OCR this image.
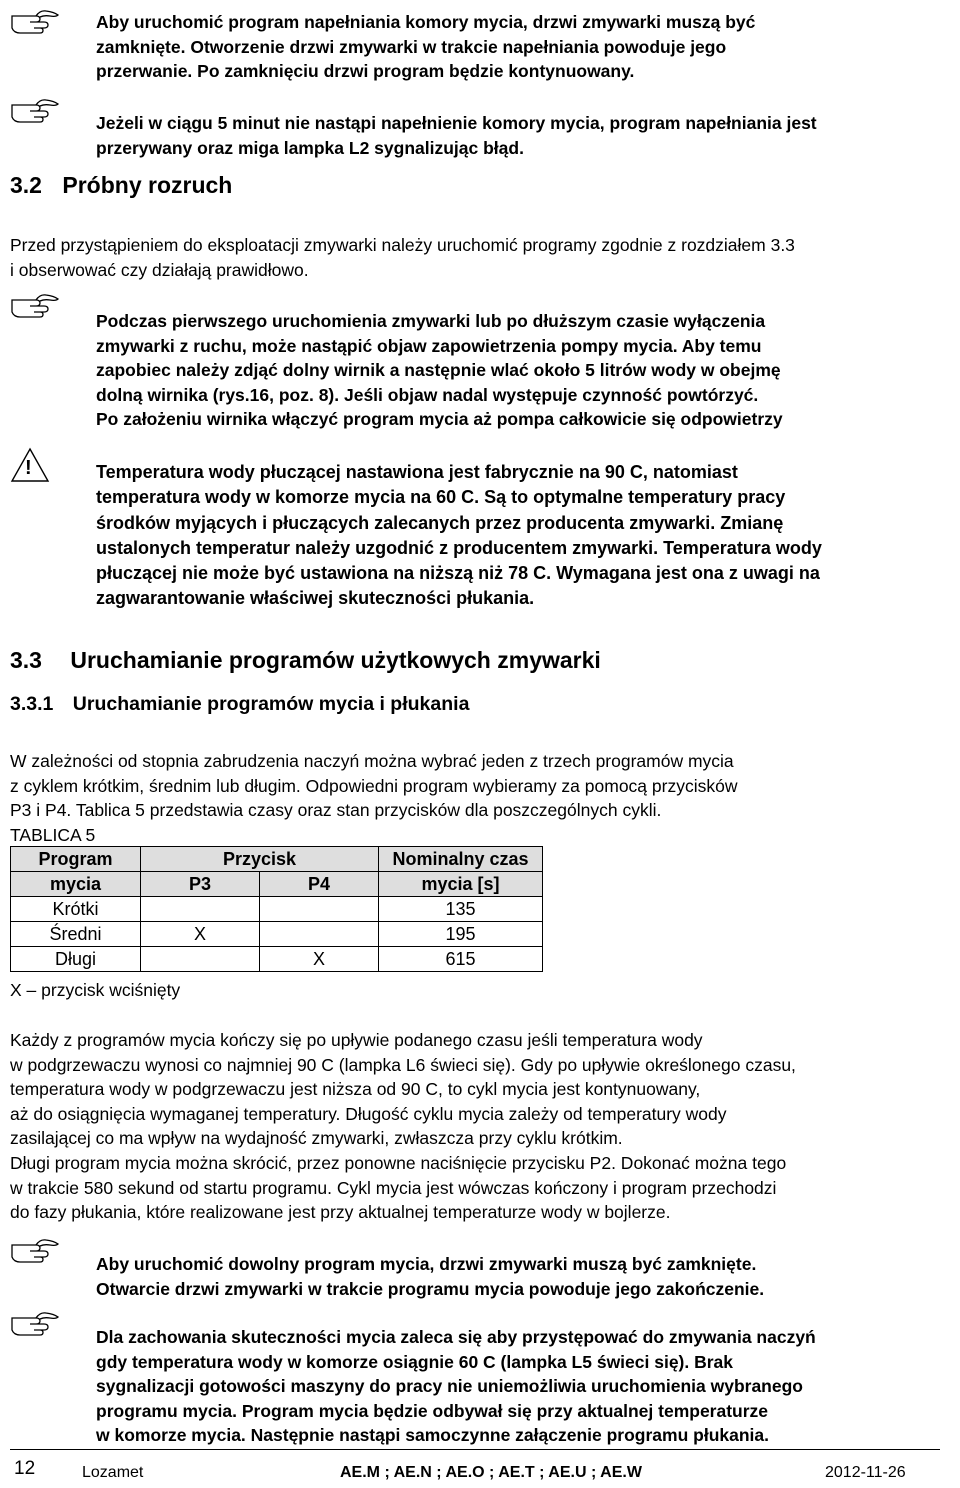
!
Aby uruchomić program napełniania komory mycia, drzwi zmywarki muszą być
zamknięte. Otworzenie drzwi zmywarki w trakcie napełniania powoduje jego
przerwanie. Po zamknięciu drzwi program będzie kontynuowany.
Jeżeli w ciągu 5 minut nie nastąpi napełnienie komory mycia, program napełniania jest
przerywany oraz miga lampka L2 sygnalizując błąd.
3.2 Próbny rozruch
Przed przystąpieniem do eksploatacji zmywarki należy uruchomić programy zgodnie z rozdziałem 3.3
i obserwować czy działają prawidłowo.
Podczas pierwszego uruchomienia zmywarki lub po dłuższym czasie wyłączenia
zmywarki z ruchu, może nastąpić objaw zapowietrzenia pompy mycia. Aby temu
zapobiec należy zdjąć dolny wirnik a następnie wlać około 5 litrów wody w obejmę
dolną wirnika (rys.16, poz. 8). Jeśli objaw nadal występuje czynność powtórzyć.
Po założeniu wirnika włączyć program mycia aż pompa całkowicie się odpowietrzy
Temperatura wody płuczącej nastawiona jest fabrycznie na 90 C, natomiast
temperatura wody w komorze mycia na 60 C. Są to optymalne temperatury pracy
środków myjących i płuczących zalecanych przez producenta zmywarki. Zmianę
ustalonych temperatur należy uzgodnić z producentem zmywarki. Temperatura wody
płuczącej nie może być ustawiona na niższą niż 78 C. Wymagana jest ona z uwagi na
zagwarantowanie właściwej skuteczności płukania.
3.3 Uruchamianie programów użytkowych zmywarki
3.3.1 Uruchamianie programów mycia i płukania
W zależności od stopnia zabrudzenia naczyń można wybrać jeden z trzech programów mycia
z cyklem krótkim, średnim lub długim. Odpowiedni program wybieramy za pomocą przycisków
P3 i P4. Tablica 5 przedstawia czasy oraz stan przycisków dla poszczególnych cykli.
TABLICA 5
Program	Przycisk		Nominalny czas
mycia	P3	P4	mycia [s]
Krótki			135
Średni	X		195
Długi		X	615
X – przycisk wciśnięty
Każdy z programów mycia kończy się po upływie podanego czasu jeśli temperatura wody
w podgrzewaczu wynosi co najmniej 90 C (lampka L6 świeci się). Gdy po upływie określonego czasu,
temperatura wody w podgrzewaczu jest niższa od 90 C, to cykl mycia jest kontynuowany,
aż do osiągnięcia wymaganej temperatury. Długość cyklu mycia zależy od temperatury wody
zasilającej co ma wpływ na wydajność zmywarki, zwłaszcza przy cyklu krótkim.
Długi program mycia można skrócić, przez ponowne naciśnięcie przycisku P2. Dokonać można tego
w trakcie 580 sekund od startu programu. Cykl mycia jest wówczas kończony i program przechodzi
do fazy płukania, które realizowane jest przy aktualnej temperaturze wody w bojlerze.
Aby uruchomić dowolny program mycia, drzwi zmywarki muszą być zamknięte.
Otwarcie drzwi zmywarki w trakcie programu mycia powoduje jego zakończenie.
Dla zachowania skuteczności mycia zaleca się aby przystępować do zmywania naczyń
gdy temperatura wody w komorze osiągnie 60 C (lampka L5 świeci się). Brak
sygnalizacji gotowości maszyny do pracy nie uniemożliwia uruchomienia wybranego
programu mycia. Program mycia będzie odbywał się przy aktualnej temperaturze
w komorze mycia. Następnie nastąpi samoczynne załączenie programu płukania.
12	Lozamet	AE.M ; AE.N ; AE.O ; AE.T ; AE.U ; AE.W	2012-11-26
